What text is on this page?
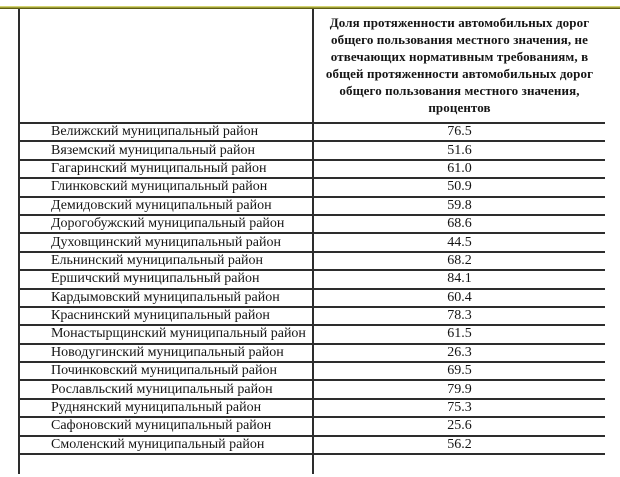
	Доля протяженности автомобильных дорог общего пользования местного значения, не отвечающих нормативным требованиям, в общей протяженности автомобильных дорог общего пользования местного значения, процентов
Велижский муниципальный район	76.5
Вяземский муниципальный район	51.6
Гагаринский муниципальный район	61.0
Глинковский муниципальный район	50.9
Демидовский муниципальный район	59.8
Дорогобужский муниципальный район	68.6
Духовщинский муниципальный район	44.5
Ельнинский муниципальный район	68.2
Ершичский муниципальный район	84.1
Кардымовский муниципальный район	60.4
Краснинский муниципальный район	78.3
Монастырщинский муниципальный район	61.5
Новодугинский муниципальный район	26.3
Починковский муниципальный район	69.5
Рославльский муниципальный район	79.9
Руднянский муниципальный район	75.3
Сафоновский муниципальный район	25.6
Смоленский муниципальный район	56.2
